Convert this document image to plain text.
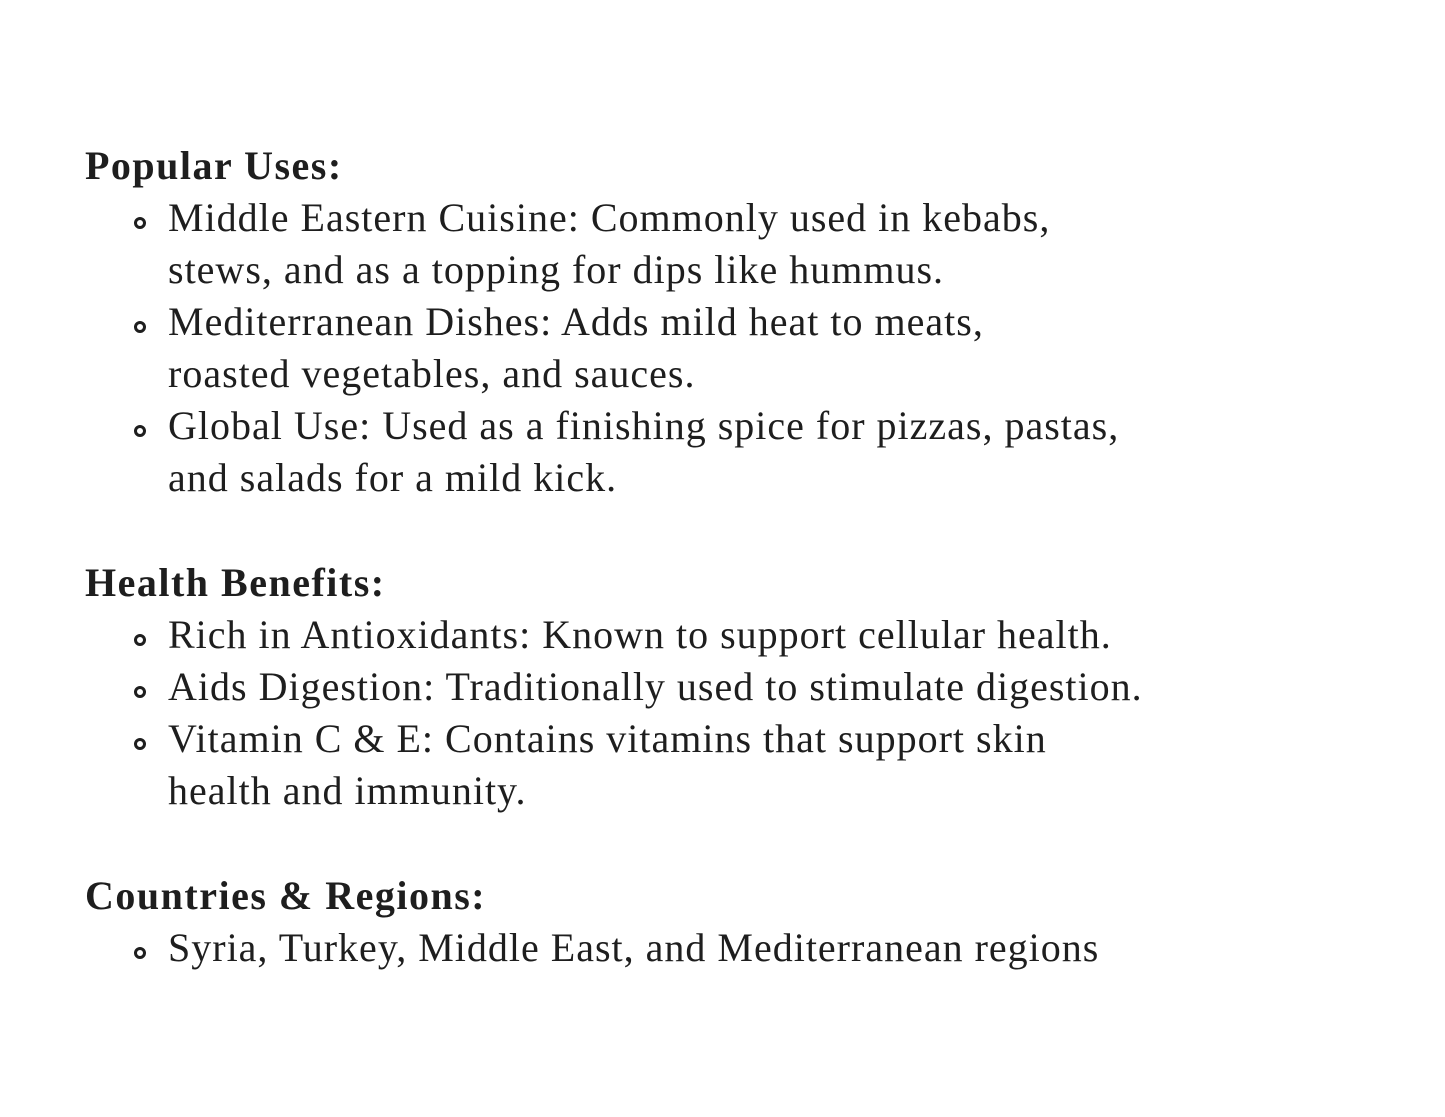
Popular Uses:
Middle Eastern Cuisine: Commonly used in kebabs,
stews, and as a topping for dips like hummus.
Mediterranean Dishes: Adds mild heat to meats,
roasted vegetables, and sauces.
Global Use: Used as a finishing spice for pizzas, pastas,
and salads for a mild kick.
Health Benefits:
Rich in Antioxidants: Known to support cellular health.
Aids Digestion: Traditionally used to stimulate digestion.
Vitamin C & E: Contains vitamins that support skin
health and immunity.
Countries & Regions:
Syria, Turkey, Middle East, and Mediterranean regions
